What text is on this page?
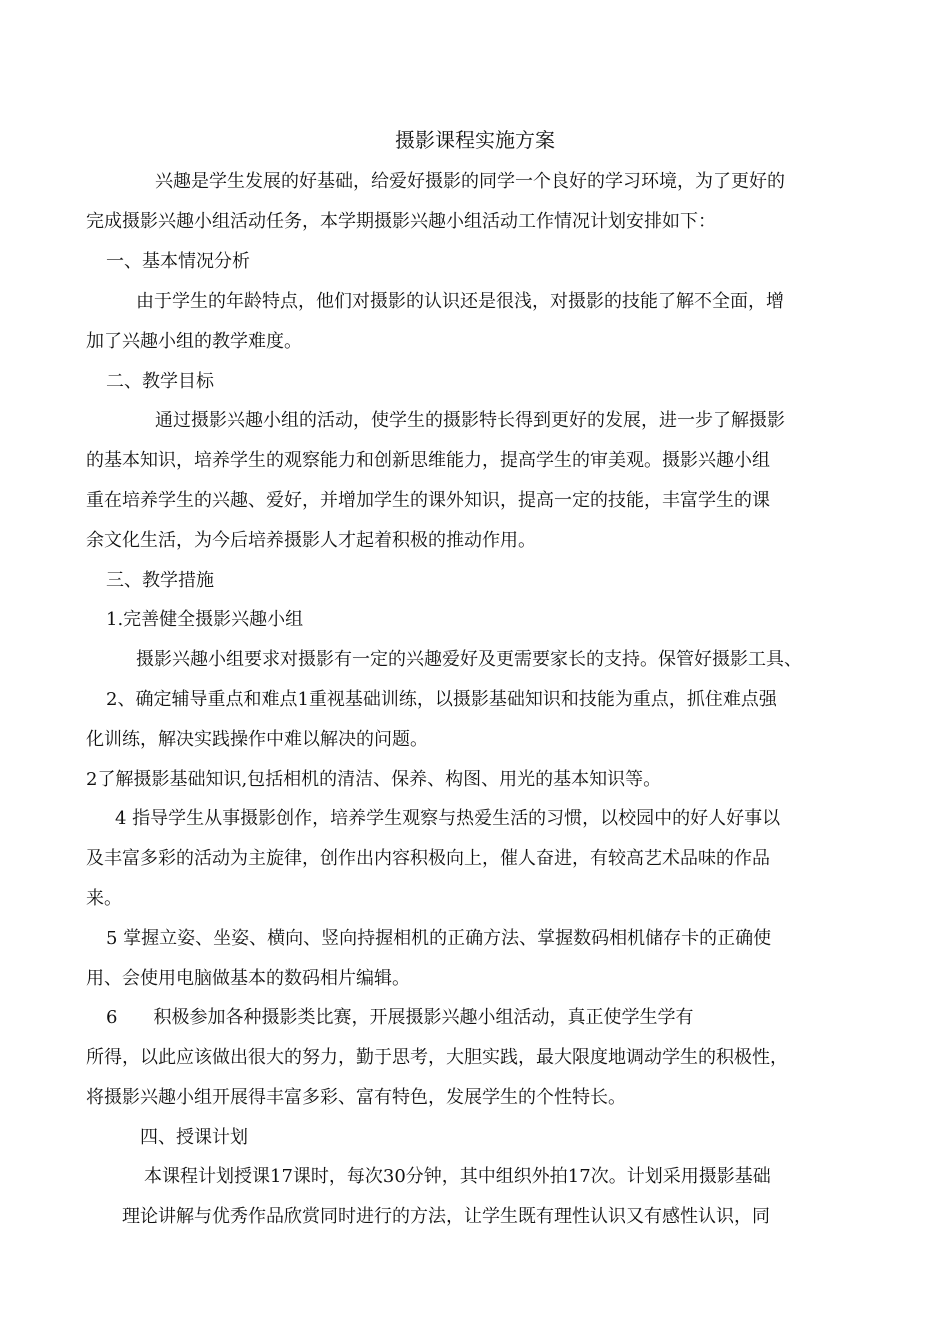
摄影课程实施方案
兴趣是学生发展的好基础，给爱好摄影的同学一个良好的学习环境，为了更好的
完成摄影兴趣小组活动任务，本学期摄影兴趣小组活动工作情况计划安排如下：
一、基本情况分析
由于学生的年龄特点，他们对摄影的认识还是很浅，对摄影的技能了解不全面，增
加了兴趣小组的教学难度。
二、教学目标
通过摄影兴趣小组的活动，使学生的摄影特长得到更好的发展，进一步了解摄影
的基本知识，培养学生的观察能力和创新思维能力，提高学生的审美观。摄影兴趣小组
重在培养学生的兴趣、爱好，并增加学生的课外知识，提高一定的技能，丰富学生的课
余文化生活，为今后培养摄影人才起着积极的推动作用。
三、教学措施
1.完善健全摄影兴趣小组
摄影兴趣小组要求对摄影有一定的兴趣爱好及更需要家长的支持。保管好摄影工具、
2、确定辅导重点和难点1重视基础训练，以摄影基础知识和技能为重点，抓住难点强
化训练，解决实践操作中难以解决的问题。
2了解摄影基础知识,包括相机的清洁、保养、构图、用光的基本知识等。
4 指导学生从事摄影创作，培养学生观察与热爱生活的习惯，以校园中的好人好事以
及丰富多彩的活动为主旋律，创作出内容积极向上，催人奋进，有较高艺术品味的作品
来。
5 掌握立姿、坐姿、横向、竖向持握相机的正确方法、掌握数码相机储存卡的正确使
用、会使用电脑做基本的数码相片编辑。
6　　积极参加各种摄影类比赛，开展摄影兴趣小组活动，真正使学生学有
所得，以此应该做出很大的努力，勤于思考，大胆实践，最大限度地调动学生的积极性，
将摄影兴趣小组开展得丰富多彩、富有特色，发展学生的个性特长。
四、授课计划
本课程计划授课17课时，每次30分钟，其中组织外拍17次。计划采用摄影基础
理论讲解与优秀作品欣赏同时进行的方法，让学生既有理性认识又有感性认识，同
